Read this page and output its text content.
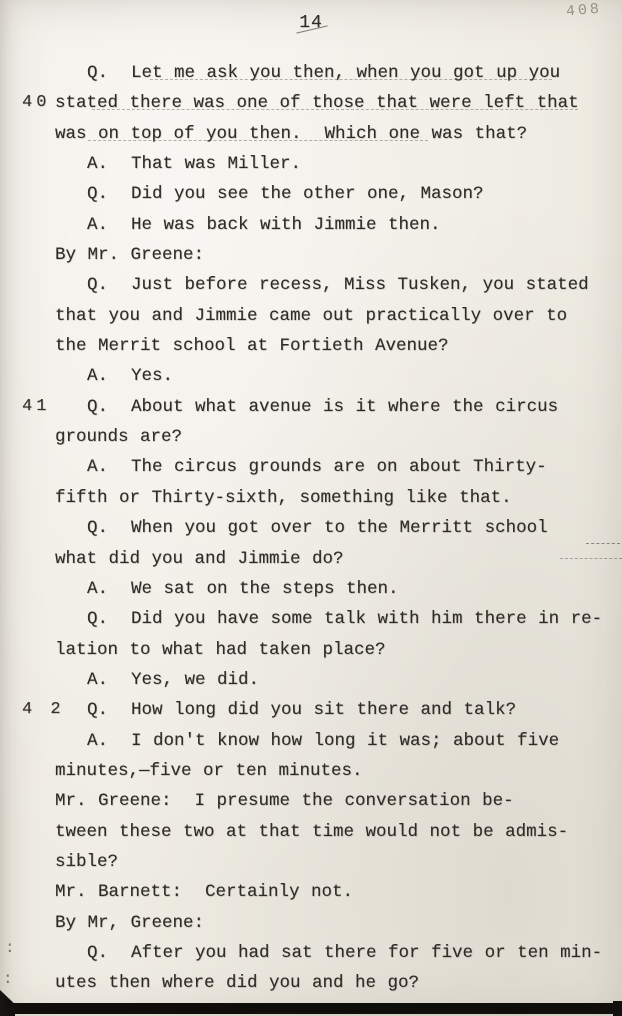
14
408
40
41
4 2
Q.  Let me ask you then, when you got up you
stated there was one of those that were left that
was on top of you then.  Which one was that?
A.  That was Miller.
Q.  Did you see the other one, Mason?
A.  He was back with Jimmie then.
By Mr. Greene:
Q.  Just before recess, Miss Tusken, you stated
that you and Jimmie came out practically over to
the Merrit school at Fortieth Avenue?
A.  Yes.
Q.  About what avenue is it where the circus
grounds are?
A.  The circus grounds are on about Thirty-
fifth or Thirty-sixth, something like that.
Q.  When you got over to the Merritt school
what did you and Jimmie do?
A.  We sat on the steps then.
Q.  Did you have some talk with him there in re-
lation to what had taken place?
A.  Yes, we did.
Q.  How long did you sit there and talk?
A.  I don't know how long it was; about five
minutes,—five or ten minutes.
Mr. Greene:  I presume the conversation be-
tween these two at that time would not be admis-
sible?
Mr. Barnett:  Certainly not.
By Mr, Greene:
Q.  After you had sat there for five or ten min-
utes then where did you and he go?
:
:
